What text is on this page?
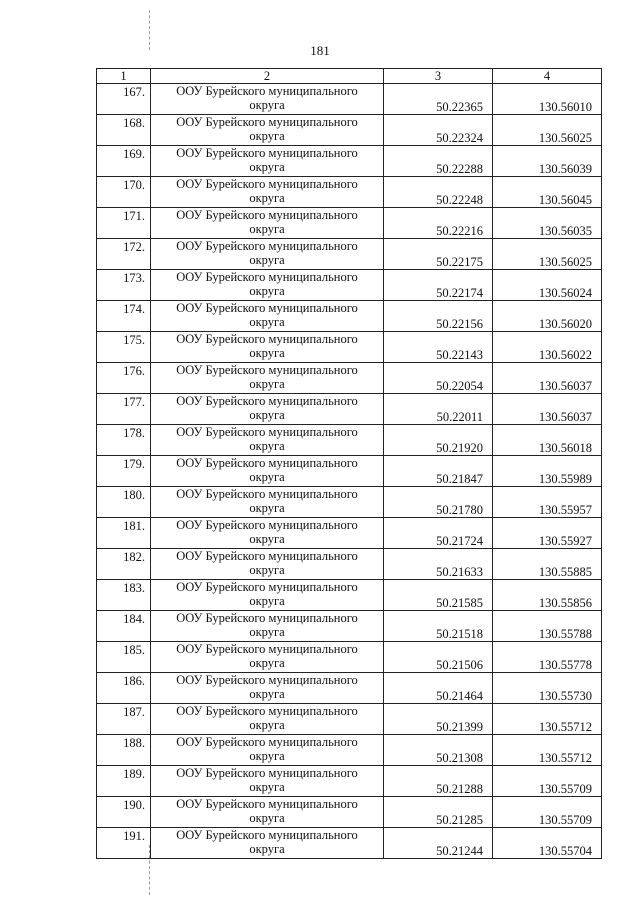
181
1	2	3	4
167.	ООУ Бурейского муниципального
округа	50.22365	130.56010
168.	ООУ Бурейского муниципального
округа	50.22324	130.56025
169.	ООУ Бурейского муниципального
округа	50.22288	130.56039
170.	ООУ Бурейского муниципального
округа	50.22248	130.56045
171.	ООУ Бурейского муниципального
округа	50.22216	130.56035
172.	ООУ Бурейского муниципального
округа	50.22175	130.56025
173.	ООУ Бурейского муниципального
округа	50.22174	130.56024
174.	ООУ Бурейского муниципального
округа	50.22156	130.56020
175.	ООУ Бурейского муниципального
округа	50.22143	130.56022
176.	ООУ Бурейского муниципального
округа	50.22054	130.56037
177.	ООУ Бурейского муниципального
округа	50.22011	130.56037
178.	ООУ Бурейского муниципального
округа	50.21920	130.56018
179.	ООУ Бурейского муниципального
округа	50.21847	130.55989
180.	ООУ Бурейского муниципального
округа	50.21780	130.55957
181.	ООУ Бурейского муниципального
округа	50.21724	130.55927
182.	ООУ Бурейского муниципального
округа	50.21633	130.55885
183.	ООУ Бурейского муниципального
округа	50.21585	130.55856
184.	ООУ Бурейского муниципального
округа	50.21518	130.55788
185.	ООУ Бурейского муниципального
округа	50.21506	130.55778
186.	ООУ Бурейского муниципального
округа	50.21464	130.55730
187.	ООУ Бурейского муниципального
округа	50.21399	130.55712
188.	ООУ Бурейского муниципального
округа	50.21308	130.55712
189.	ООУ Бурейского муниципального
округа	50.21288	130.55709
190.	ООУ Бурейского муниципального
округа	50.21285	130.55709
191.	ООУ Бурейского муниципального
округа	50.21244	130.55704
